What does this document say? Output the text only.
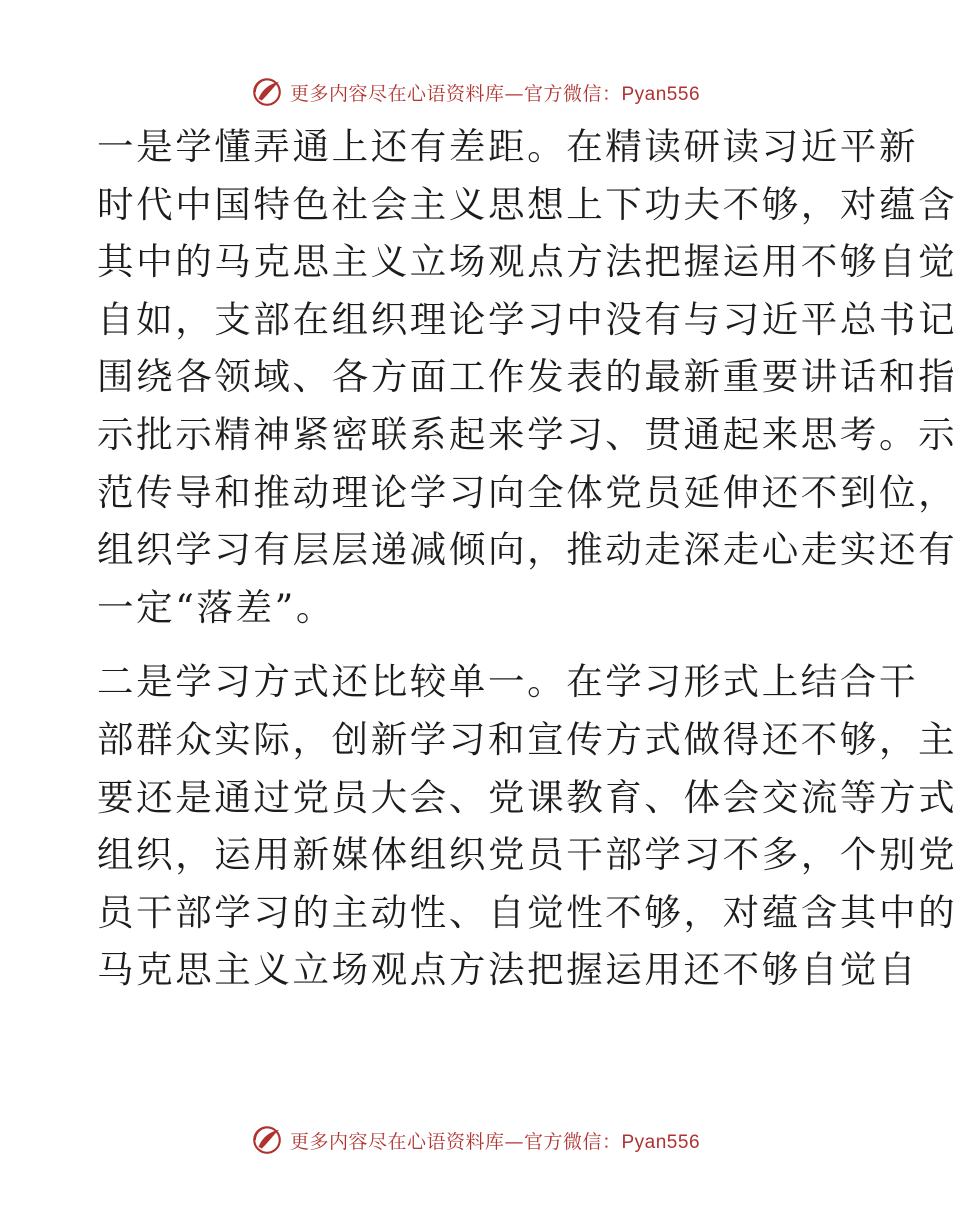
更多内容尽在心语资料库—官方微信：Pyan556

一是学懂弄通上还有差距。在精读研读习近平新
时代中国特色社会主义思想上下功夫不够，对蕴含
其中的马克思主义立场观点方法把握运用不够自觉
自如，支部在组织理论学习中没有与习近平总书记
围绕各领域、各方面工作发表的最新重要讲话和指
示批示精神紧密联系起来学习、贯通起来思考。示
范传导和推动理论学习向全体党员延伸还不到位，
组织学习有层层递减倾向，推动走深走心走实还有
一定“落差”。

二是学习方式还比较单一。在学习形式上结合干
部群众实际，创新学习和宣传方式做得还不够，主
要还是通过党员大会、党课教育、体会交流等方式
组织，运用新媒体组织党员干部学习不多，个别党
员干部学习的主动性、自觉性不够，对蕴含其中的
马克思主义立场观点方法把握运用还不够自觉自

更多内容尽在心语资料库—官方微信：Pyan556
